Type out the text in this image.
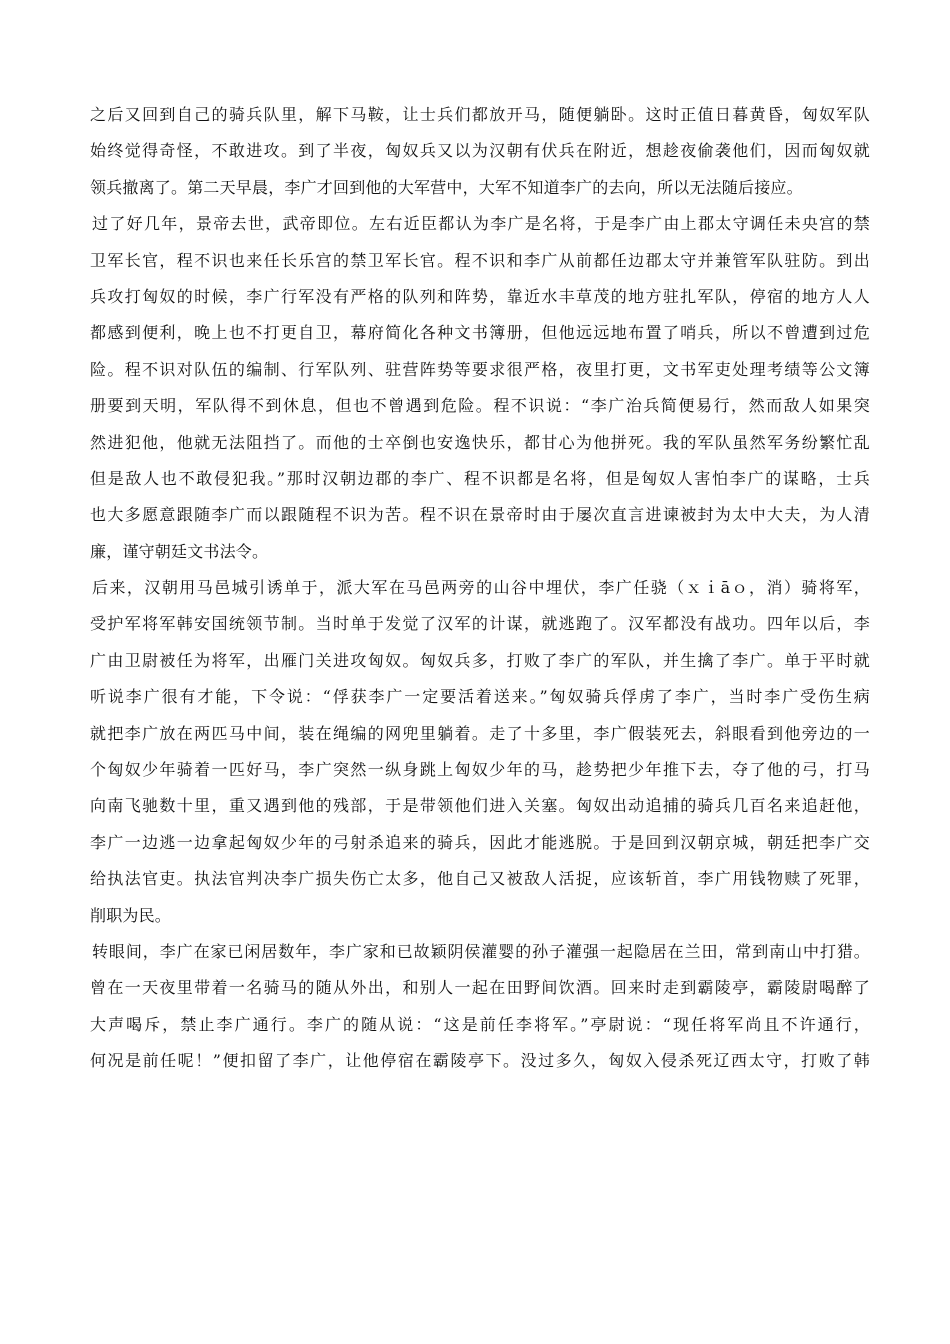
之后又回到自己的骑兵队里，解下马鞍，让士兵们都放开马，随便躺卧。这时正值日暮黄昏，匈奴军队
始终觉得奇怪，不敢进攻。到了半夜，匈奴兵又以为汉朝有伏兵在附近，想趁夜偷袭他们，因而匈奴就
领兵撤离了。第二天早晨，李广才回到他的大军营中，大军不知道李广的去向，所以无法随后接应。
过了好几年，景帝去世，武帝即位。左右近臣都认为李广是名将，于是李广由上郡太守调任未央宫的禁
卫军长官，程不识也来任长乐宫的禁卫军长官。程不识和李广从前都任边郡太守并兼管军队驻防。到出
兵攻打匈奴的时候，李广行军没有严格的队列和阵势，靠近水丰草茂的地方驻扎军队，停宿的地方人人
都感到便利，晚上也不打更自卫，幕府简化各种文书簿册，但他远远地布置了哨兵，所以不曾遭到过危
险。程不识对队伍的编制、行军队列、驻营阵势等要求很严格，夜里打更，文书军吏处理考绩等公文簿
册要到天明，军队得不到休息，但也不曾遇到危险。程不识说：“李广治兵简便易行，然而敌人如果突
然进犯他，他就无法阻挡了。而他的士卒倒也安逸快乐，都甘心为他拼死。我的军队虽然军务纷繁忙乱
但是敌人也不敢侵犯我。”那时汉朝边郡的李广、程不识都是名将，但是匈奴人害怕李广的谋略，士兵
也大多愿意跟随李广而以跟随程不识为苦。程不识在景帝时由于屡次直言进谏被封为太中大夫，为人清
廉，谨守朝廷文书法令。
后来，汉朝用马邑城引诱单于，派大军在马邑两旁的山谷中埋伏，李广任骁（ｘｉāｏ，消）骑将军，
受护军将军韩安国统领节制。当时单于发觉了汉军的计谋，就逃跑了。汉军都没有战功。四年以后，李
广由卫尉被任为将军，出雁门关进攻匈奴。匈奴兵多，打败了李广的军队，并生擒了李广。单于平时就
听说李广很有才能，下令说：“俘获李广一定要活着送来。”匈奴骑兵俘虏了李广，当时李广受伤生病
就把李广放在两匹马中间，装在绳编的网兜里躺着。走了十多里，李广假装死去，斜眼看到他旁边的一
个匈奴少年骑着一匹好马，李广突然一纵身跳上匈奴少年的马，趁势把少年推下去，夺了他的弓，打马
向南飞驰数十里，重又遇到他的残部，于是带领他们进入关塞。匈奴出动追捕的骑兵几百名来追赶他，
李广一边逃一边拿起匈奴少年的弓射杀追来的骑兵，因此才能逃脱。于是回到汉朝京城，朝廷把李广交
给执法官吏。执法官判决李广损失伤亡太多，他自己又被敌人活捉，应该斩首，李广用钱物赎了死罪，
削职为民。
转眼间，李广在家已闲居数年，李广家和已故颖阴侯灌婴的孙子灌强一起隐居在兰田，常到南山中打猎。
曾在一天夜里带着一名骑马的随从外出，和别人一起在田野间饮酒。回来时走到霸陵亭，霸陵尉喝醉了
大声喝斥，禁止李广通行。李广的随从说：“这是前任李将军。”亭尉说：“现任将军尚且不许通行，
何况是前任呢！”便扣留了李广，让他停宿在霸陵亭下。没过多久，匈奴入侵杀死辽西太守，打败了韩
